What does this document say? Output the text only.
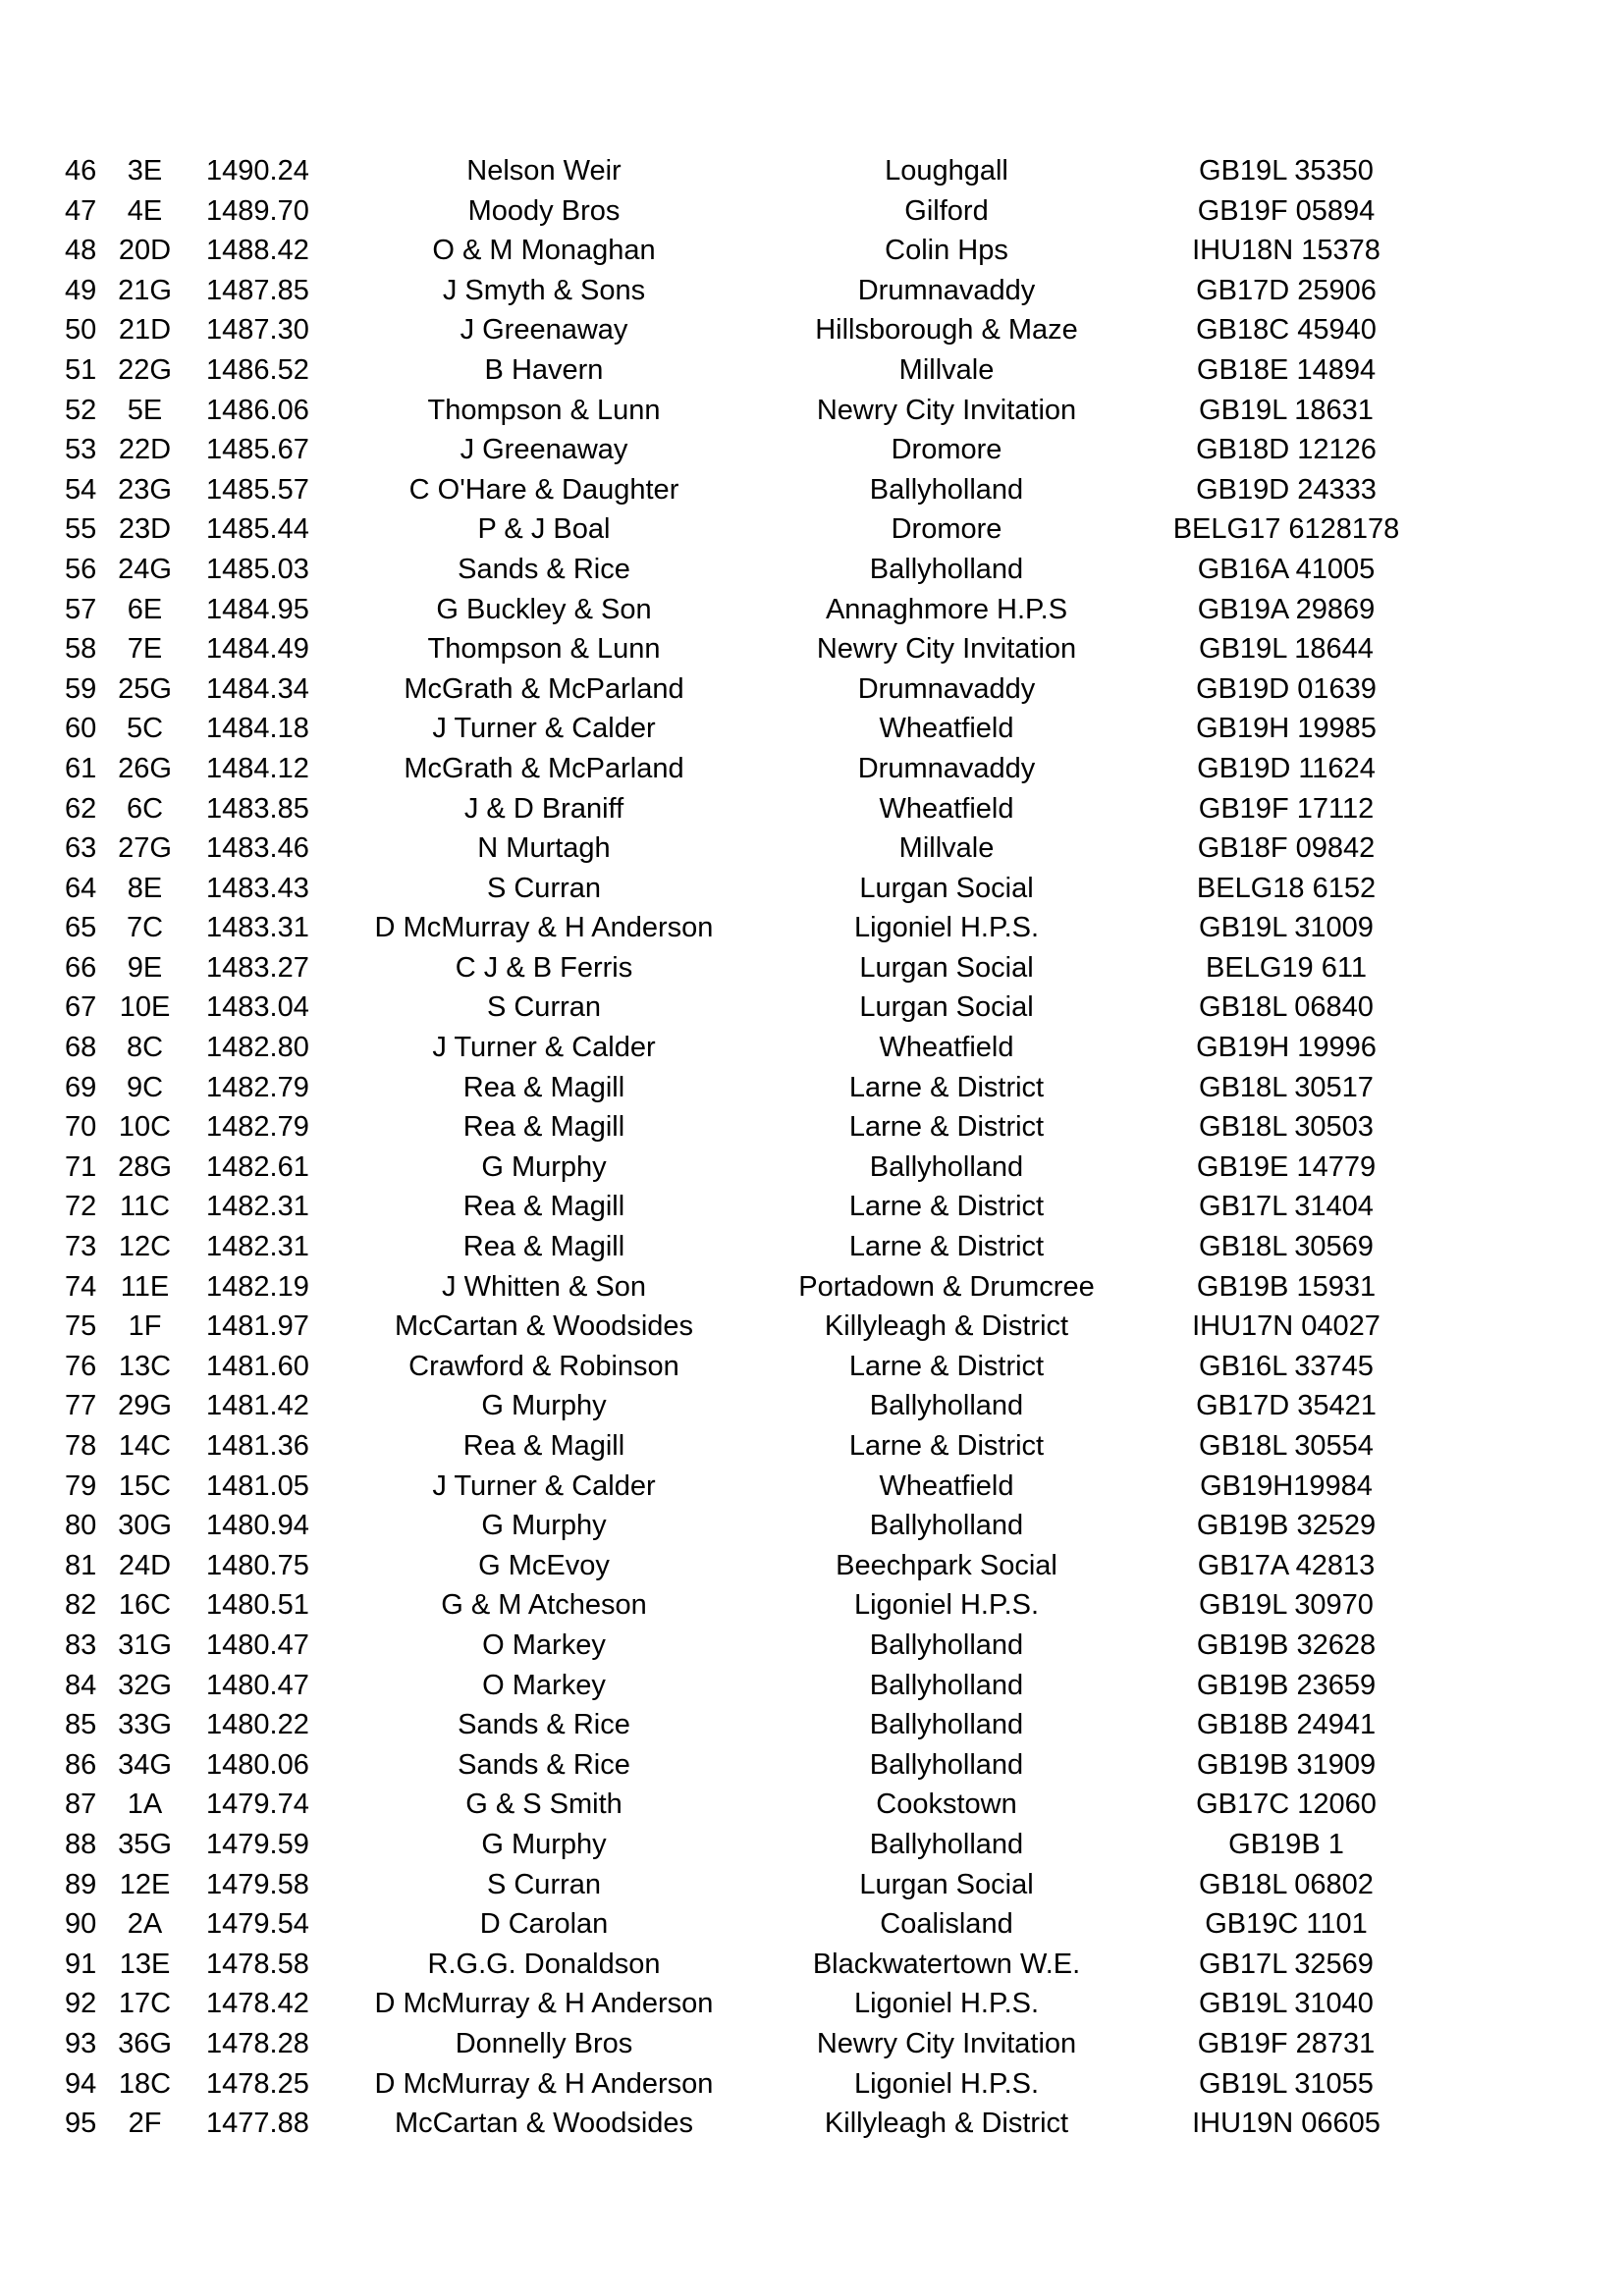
46	3E	1490.24	Nelson Weir	Loughgall	GB19L 35350
47	4E	1489.70	Moody Bros	Gilford	GB19F 05894
48 20D	1488.42	O & M Monaghan	Colin Hps	IHU18N 15378
49 21G	1487.85	J Smyth & Sons	Drumnavaddy	GB17D 25906
50 21D	1487.30	J Greenaway	Hillsborough & Maze	GB18C 45940
51 22G	1486.52	B Havern	Millvale	GB18E 14894
52	5E	1486.06	Thompson & Lunn	Newry City Invitation	GB19L 18631
53 22D	1485.67	J Greenaway	Dromore	GB18D 12126
54 23G	1485.57	C O'Hare & Daughter	Ballyholland	GB19D 24333
55 23D	1485.44	P & J Boal	Dromore	BELG17 6128178
56 24G	1485.03	Sands & Rice	Ballyholland	GB16A 41005
57	6E	1484.95	G Buckley & Son	Annaghmore H.P.S	GB19A 29869
58	7E	1484.49	Thompson & Lunn	Newry City Invitation	GB19L 18644
59 25G	1484.34	McGrath & McParland	Drumnavaddy	GB19D 01639
60	5C	1484.18	J Turner & Calder	Wheatfield	GB19H 19985
61 26G	1484.12	McGrath & McParland	Drumnavaddy	GB19D 11624
62	6C	1483.85	J & D Braniff	Wheatfield	GB19F 17112
63 27G	1483.46	N Murtagh	Millvale	GB18F 09842
64	8E	1483.43	S Curran	Lurgan Social	BELG18 6152
65	7C	1483.31	D McMurray & H Anderson	Ligoniel H.P.S.	GB19L 31009
66	9E	1483.27	C J & B Ferris	Lurgan Social	BELG19 611
67 10E	1483.04	S Curran	Lurgan Social	GB18L 06840
68	8C	1482.80	J Turner & Calder	Wheatfield	GB19H 19996
69	9C	1482.79	Rea & Magill	Larne & District	GB18L 30517
70 10C	1482.79	Rea & Magill	Larne & District	GB18L 30503
71 28G	1482.61	G Murphy	Ballyholland	GB19E 14779
72 11C	1482.31	Rea & Magill	Larne & District	GB17L 31404
73 12C	1482.31	Rea & Magill	Larne & District	GB18L 30569
74 11E	1482.19	J Whitten & Son	Portadown & Drumcree	GB19B 15931
75	1F	1481.97	McCartan & Woodsides	Killyleagh & District	IHU17N 04027
76 13C	1481.60	Crawford & Robinson	Larne & District	GB16L 33745
77 29G	1481.42	G Murphy	Ballyholland	GB17D 35421
78 14C	1481.36	Rea & Magill	Larne & District	GB18L 30554
79 15C	1481.05	J Turner & Calder	Wheatfield	GB19H19984
80 30G	1480.94	G Murphy	Ballyholland	GB19B 32529
81 24D	1480.75	G McEvoy	Beechpark Social	GB17A 42813
82 16C	1480.51	G & M Atcheson	Ligoniel H.P.S.	GB19L 30970
83 31G	1480.47	O Markey	Ballyholland	GB19B 32628
84 32G	1480.47	O Markey	Ballyholland	GB19B 23659
85 33G	1480.22	Sands & Rice	Ballyholland	GB18B 24941
86 34G	1480.06	Sands & Rice	Ballyholland	GB19B 31909
87	1A	1479.74	G & S Smith	Cookstown	GB17C 12060
88 35G	1479.59	G Murphy	Ballyholland	GB19B 1
89 12E	1479.58	S Curran	Lurgan Social	GB18L 06802
90	2A	1479.54	D Carolan	Coalisland	GB19C 1101
91 13E	1478.58	R.G.G. Donaldson	Blackwatertown W.E.	GB17L 32569
92 17C	1478.42	D McMurray & H Anderson	Ligoniel H.P.S.	GB19L 31040
93 36G	1478.28	Donnelly Bros	Newry City Invitation	GB19F 28731
94 18C	1478.25	D McMurray & H Anderson	Ligoniel H.P.S.	GB19L 31055
95	2F	1477.88	McCartan & Woodsides	Killyleagh & District	IHU19N 06605
